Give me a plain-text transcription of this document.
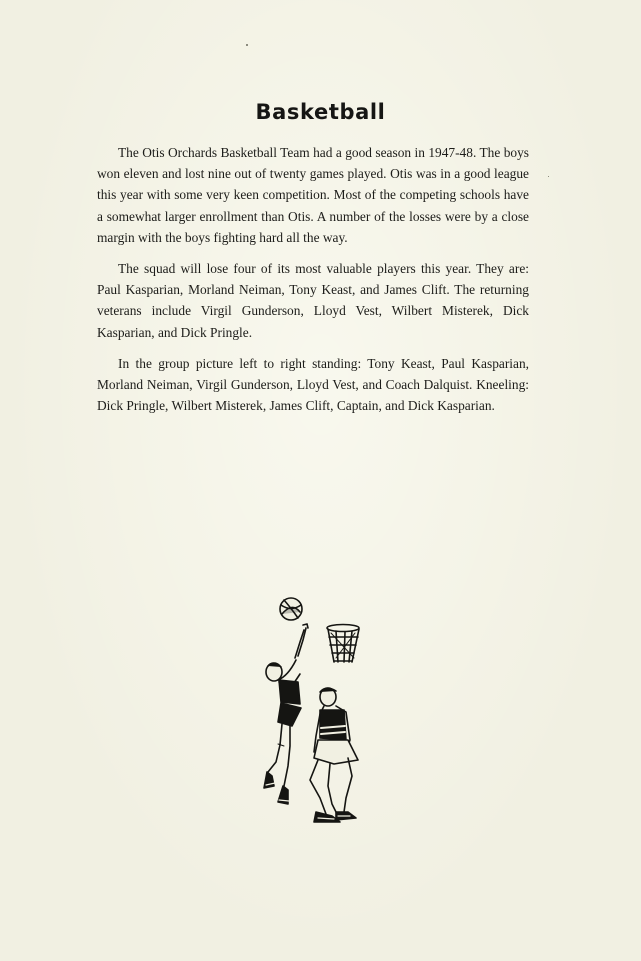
Basketball

The Otis Orchards Basketball Team had a good season in 1947-48. The boys won eleven and lost nine out of twenty games played. Otis was in a good league this year with some very keen competition. Most of the competing schools have a somewhat larger enrollment than Otis. A number of the losses were by a close margin with the boys fighting hard all the way.

The squad will lose four of its most valuable players this year. They are: Paul Kasparian, Morland Neiman, Tony Keast, and James Clift. The returning veterans include Virgil Gunderson, Lloyd Vest, Wilbert Misterek, Dick Kasparian, and Dick Pringle.

In the group picture left to right standing: Tony Keast, Paul Kasparian, Morland Neiman, Virgil Gunderson, Lloyd Vest, and Coach Dalquist. Kneeling: Dick Pringle, Wilbert Misterek, James Clift, Captain, and Dick Kasparian.
